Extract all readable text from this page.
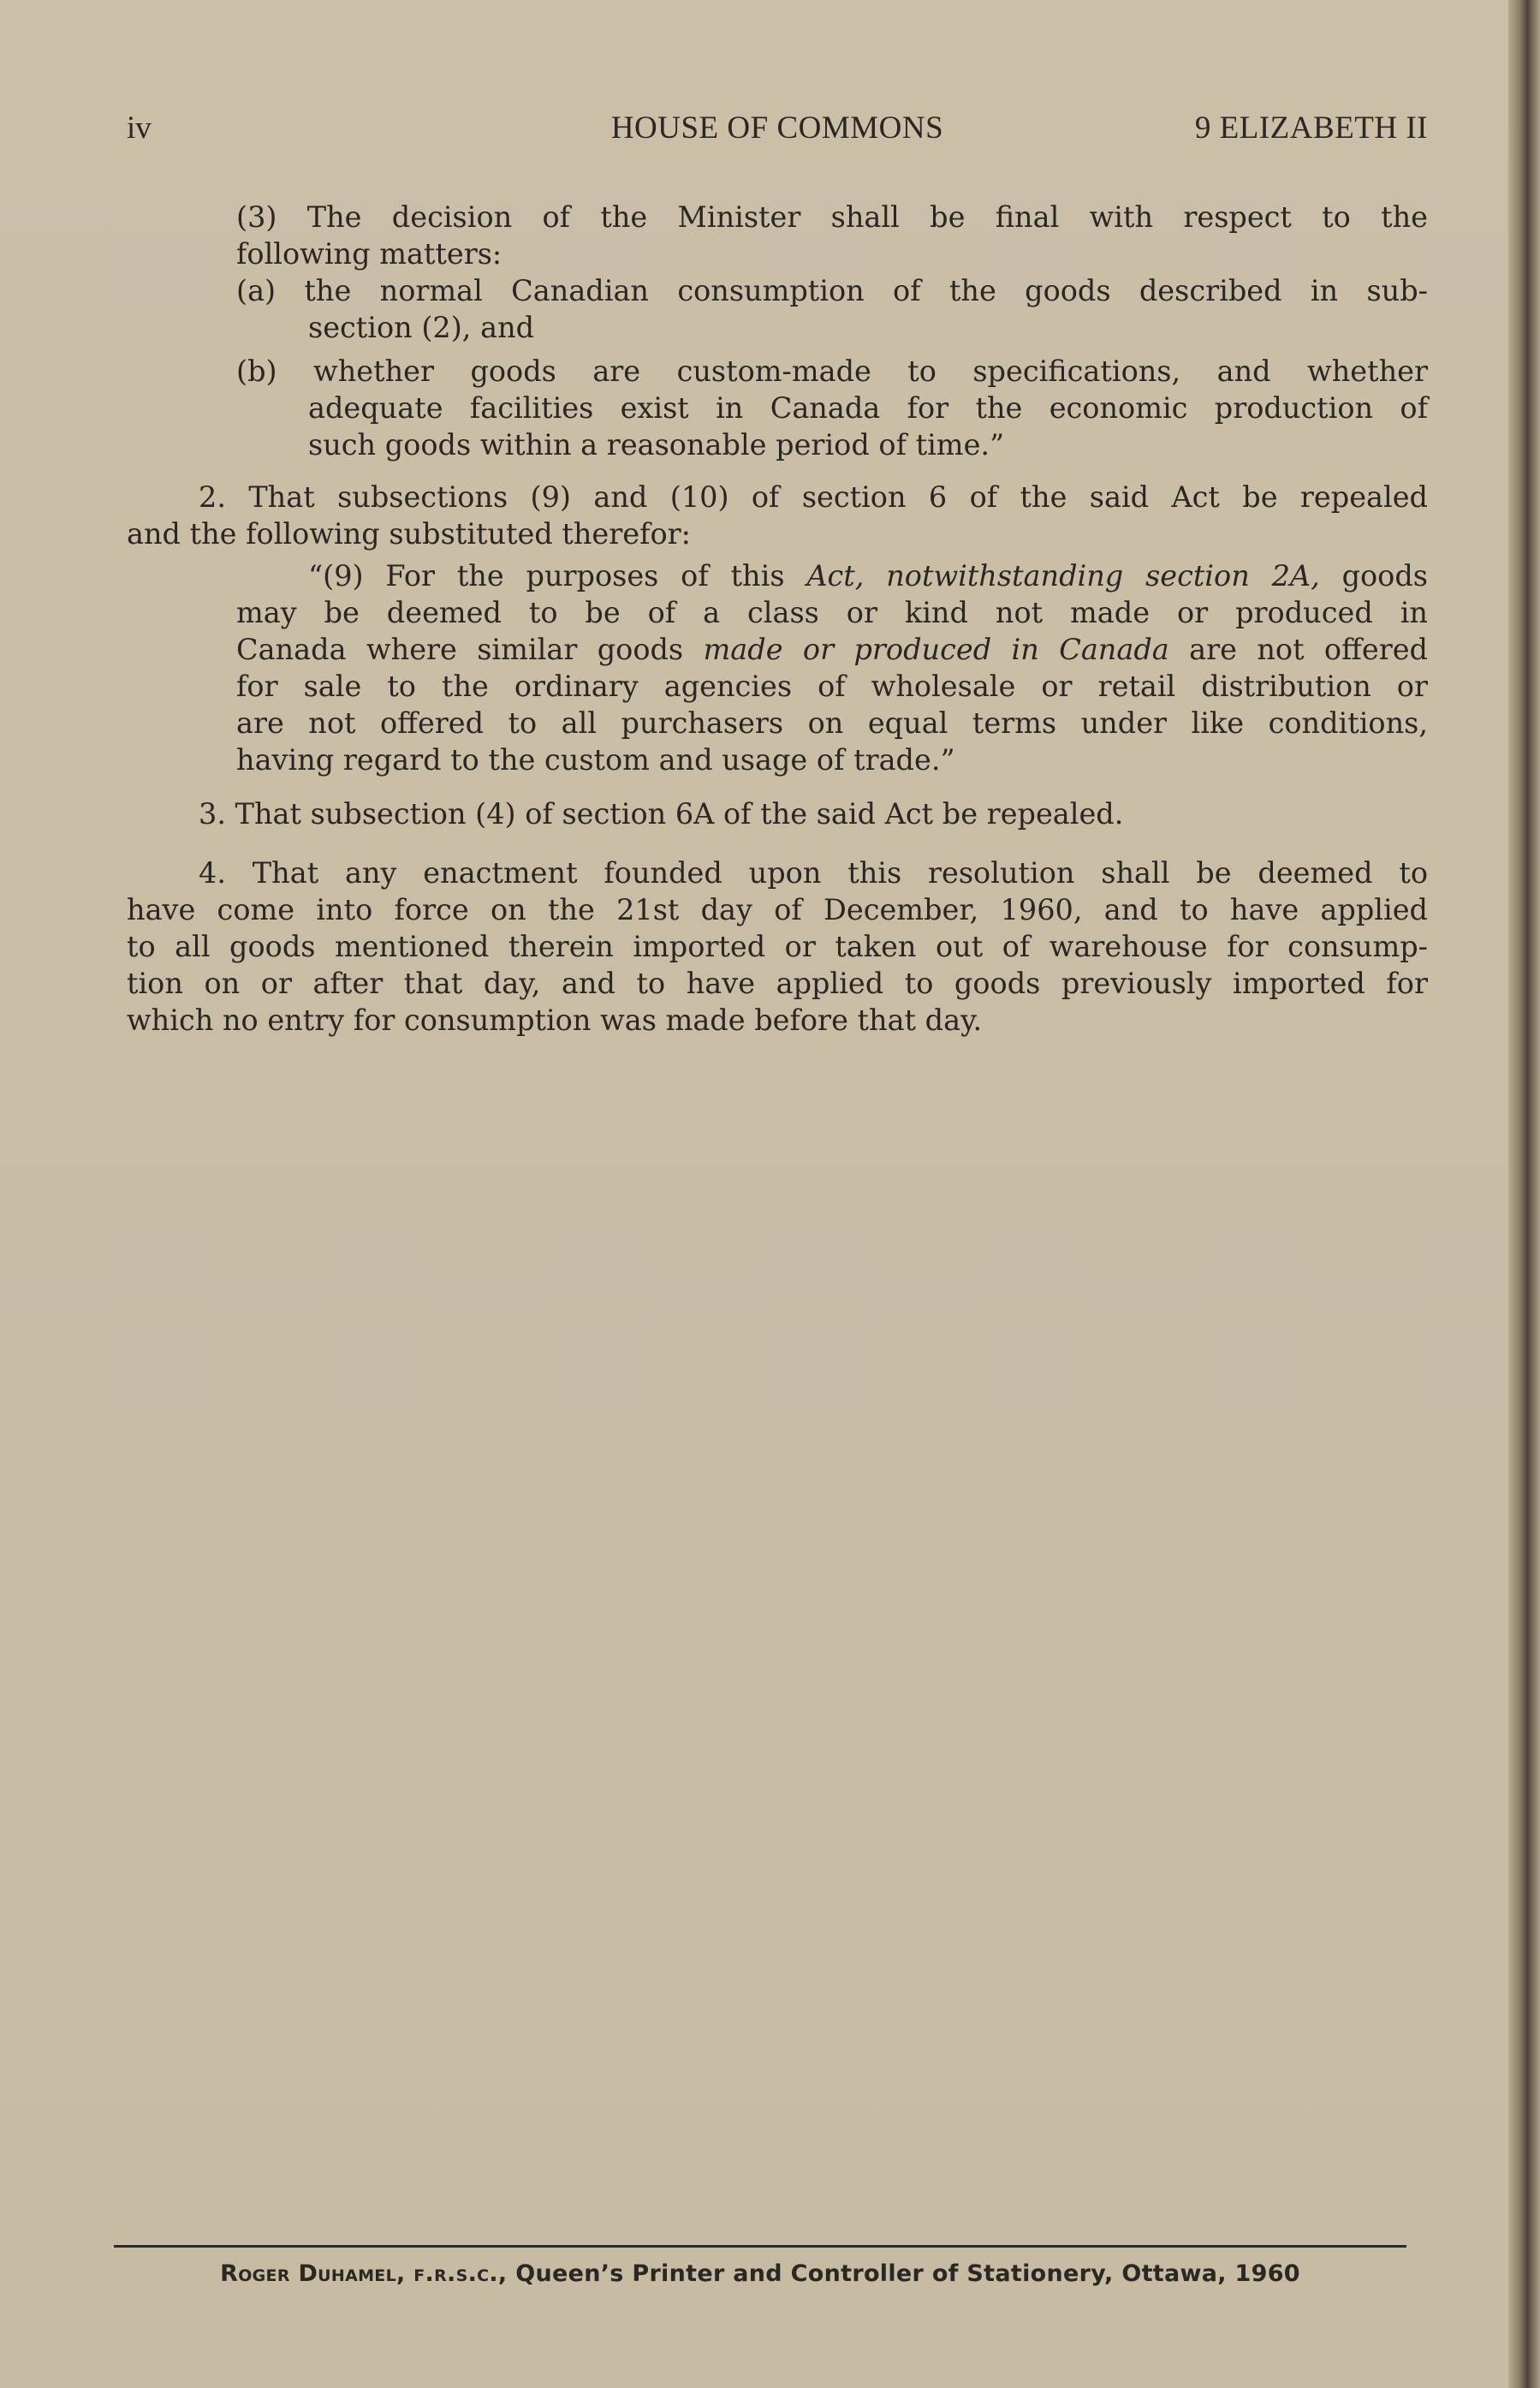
HOUSE OF COMMONS
iv	9 ELIZABETH II
(3) The decision of the Minister shall be final with respect to the
following matters:
(a) the normal Canadian consumption of the goods described in sub-
section (2), and
(b) whether goods are custom-made to specifications, and whether
adequate facilities exist in Canada for the economic production of
such goods within a reasonable period of time.”
2. That subsections (9) and (10) of section 6 of the said Act be repealed
and the following substituted therefor:
“(9) For the purposes of this Act, notwithstanding section 2A, goods
may be deemed to be of a class or kind not made or produced in
Canada where similar goods made or produced in Canada are not offered
for sale to the ordinary agencies of wholesale or retail distribution or
are not offered to all purchasers on equal terms under like conditions,
having regard to the custom and usage of trade.”
3. That subsection (4) of section 6A of the said Act be repealed.
4. That any enactment founded upon this resolution shall be deemed to
have come into force on the 21st day of December, 1960, and to have applied
to all goods mentioned therein imported or taken out of warehouse for consump-
tion on or after that day, and to have applied to goods previously imported for
which no entry for consumption was made before that day.
Roger Duhamel, f.r.s.c., Queen’s Printer and Controller of Stationery, Ottawa, 1960
